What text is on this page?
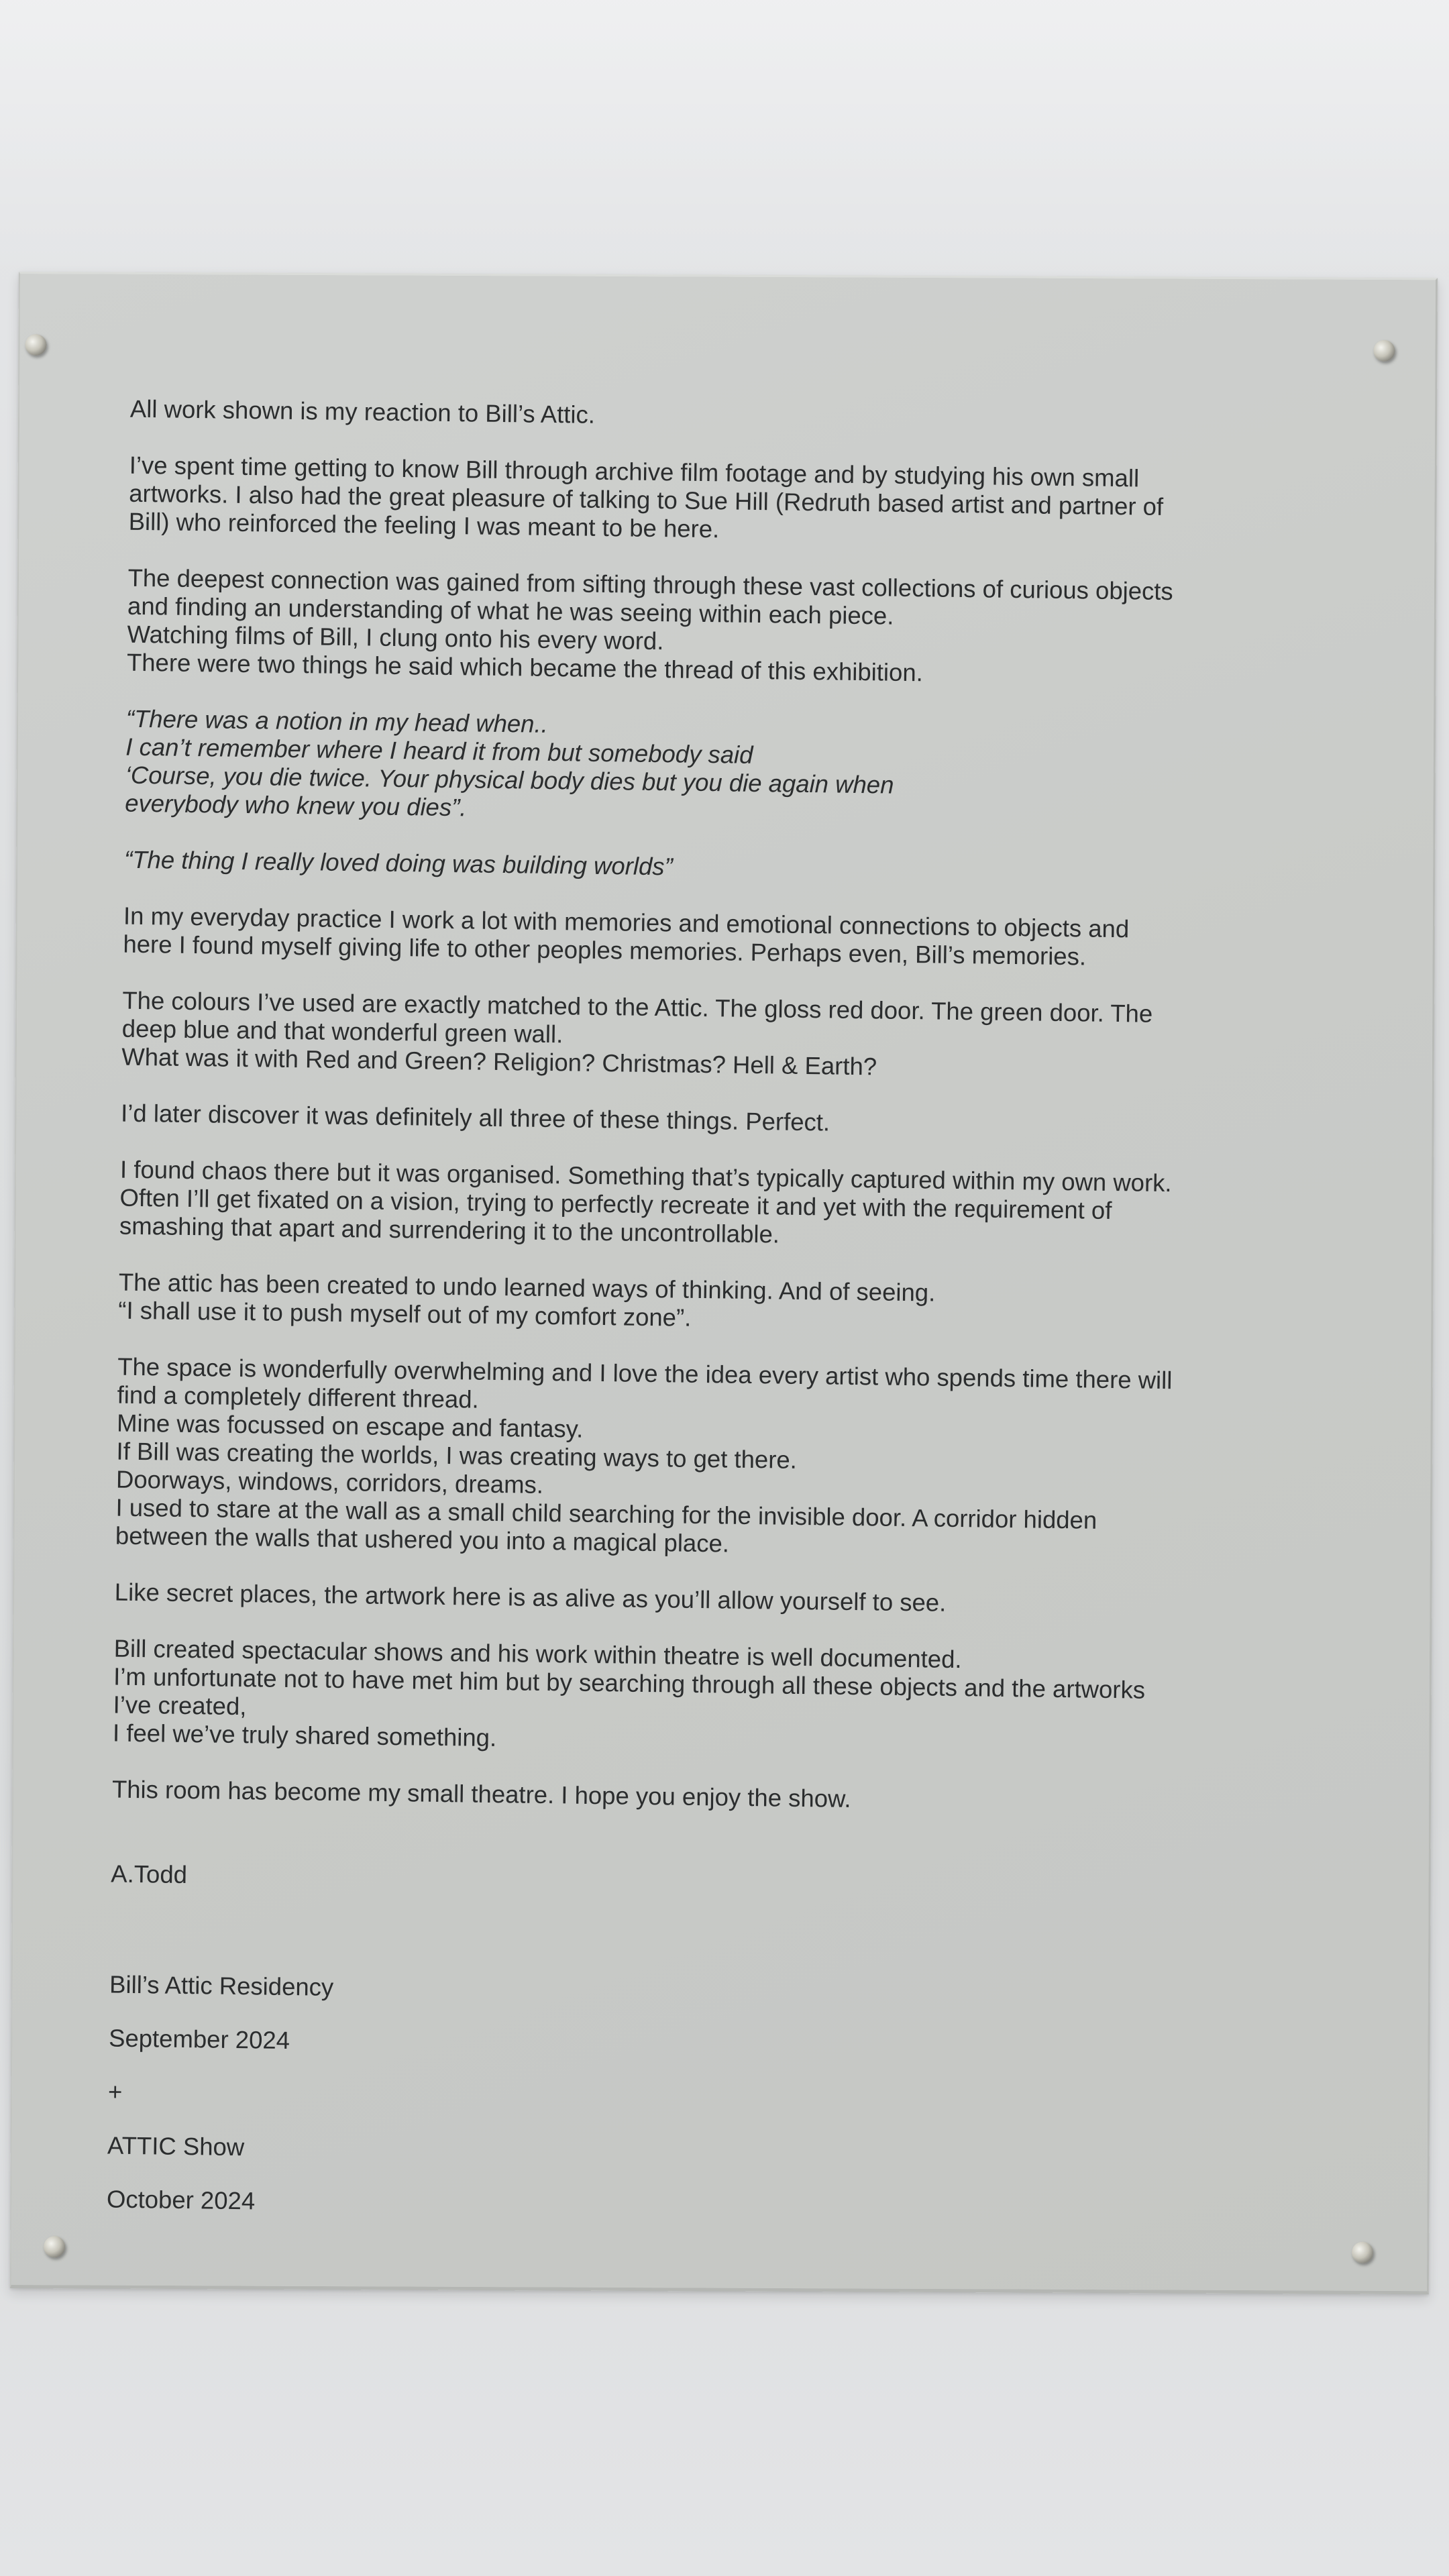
All work shown is my reaction to Bill’s Attic.

I’ve spent time getting to know Bill through archive film footage and by studying his own small
artworks. I also had the great pleasure of talking to Sue Hill (Redruth based artist and partner of
Bill) who reinforced the feeling I was meant to be here.

The deepest connection was gained from sifting through these vast collections of curious objects
and finding an understanding of what he was seeing within each piece.
Watching films of Bill, I clung onto his every word.
There were two things he said which became the thread of this exhibition.

“There was a notion in my head when..
I can’t remember where I heard it from but somebody said
‘Course, you die twice. Your physical body dies but you die again when
everybody who knew you dies”.

“The thing I really loved doing was building worlds”

In my everyday practice I work a lot with memories and emotional connections to objects and
here I found myself giving life to other peoples memories. Perhaps even, Bill’s memories.

The colours I’ve used are exactly matched to the Attic. The gloss red door. The green door. The
deep blue and that wonderful green wall.
What was it with Red and Green? Religion? Christmas? Hell & Earth?

I’d later discover it was definitely all three of these things. Perfect.

I found chaos there but it was organised. Something that’s typically captured within my own work.
Often I’ll get fixated on a vision, trying to perfectly recreate it and yet with the requirement of
smashing that apart and surrendering it to the uncontrollable.

The attic has been created to undo learned ways of thinking. And of seeing.
“I shall use it to push myself out of my comfort zone”.

The space is wonderfully overwhelming and I love the idea every artist who spends time there will
find a completely different thread.
Mine was focussed on escape and fantasy.
If Bill was creating the worlds, I was creating ways to get there.
Doorways, windows, corridors, dreams.
I used to stare at the wall as a small child searching for the invisible door. A corridor hidden
between the walls that ushered you into a magical place.

Like secret places, the artwork here is as alive as you’ll allow yourself to see.

Bill created spectacular shows and his work within theatre is well documented.
I’m unfortunate not to have met him but by searching through all these objects and the artworks
I’ve created,
I feel we’ve truly shared something.

This room has become my small theatre. I hope you enjoy the show.

A.Todd

Bill’s Attic Residency

September 2024

+

ATTIC Show

October 2024
